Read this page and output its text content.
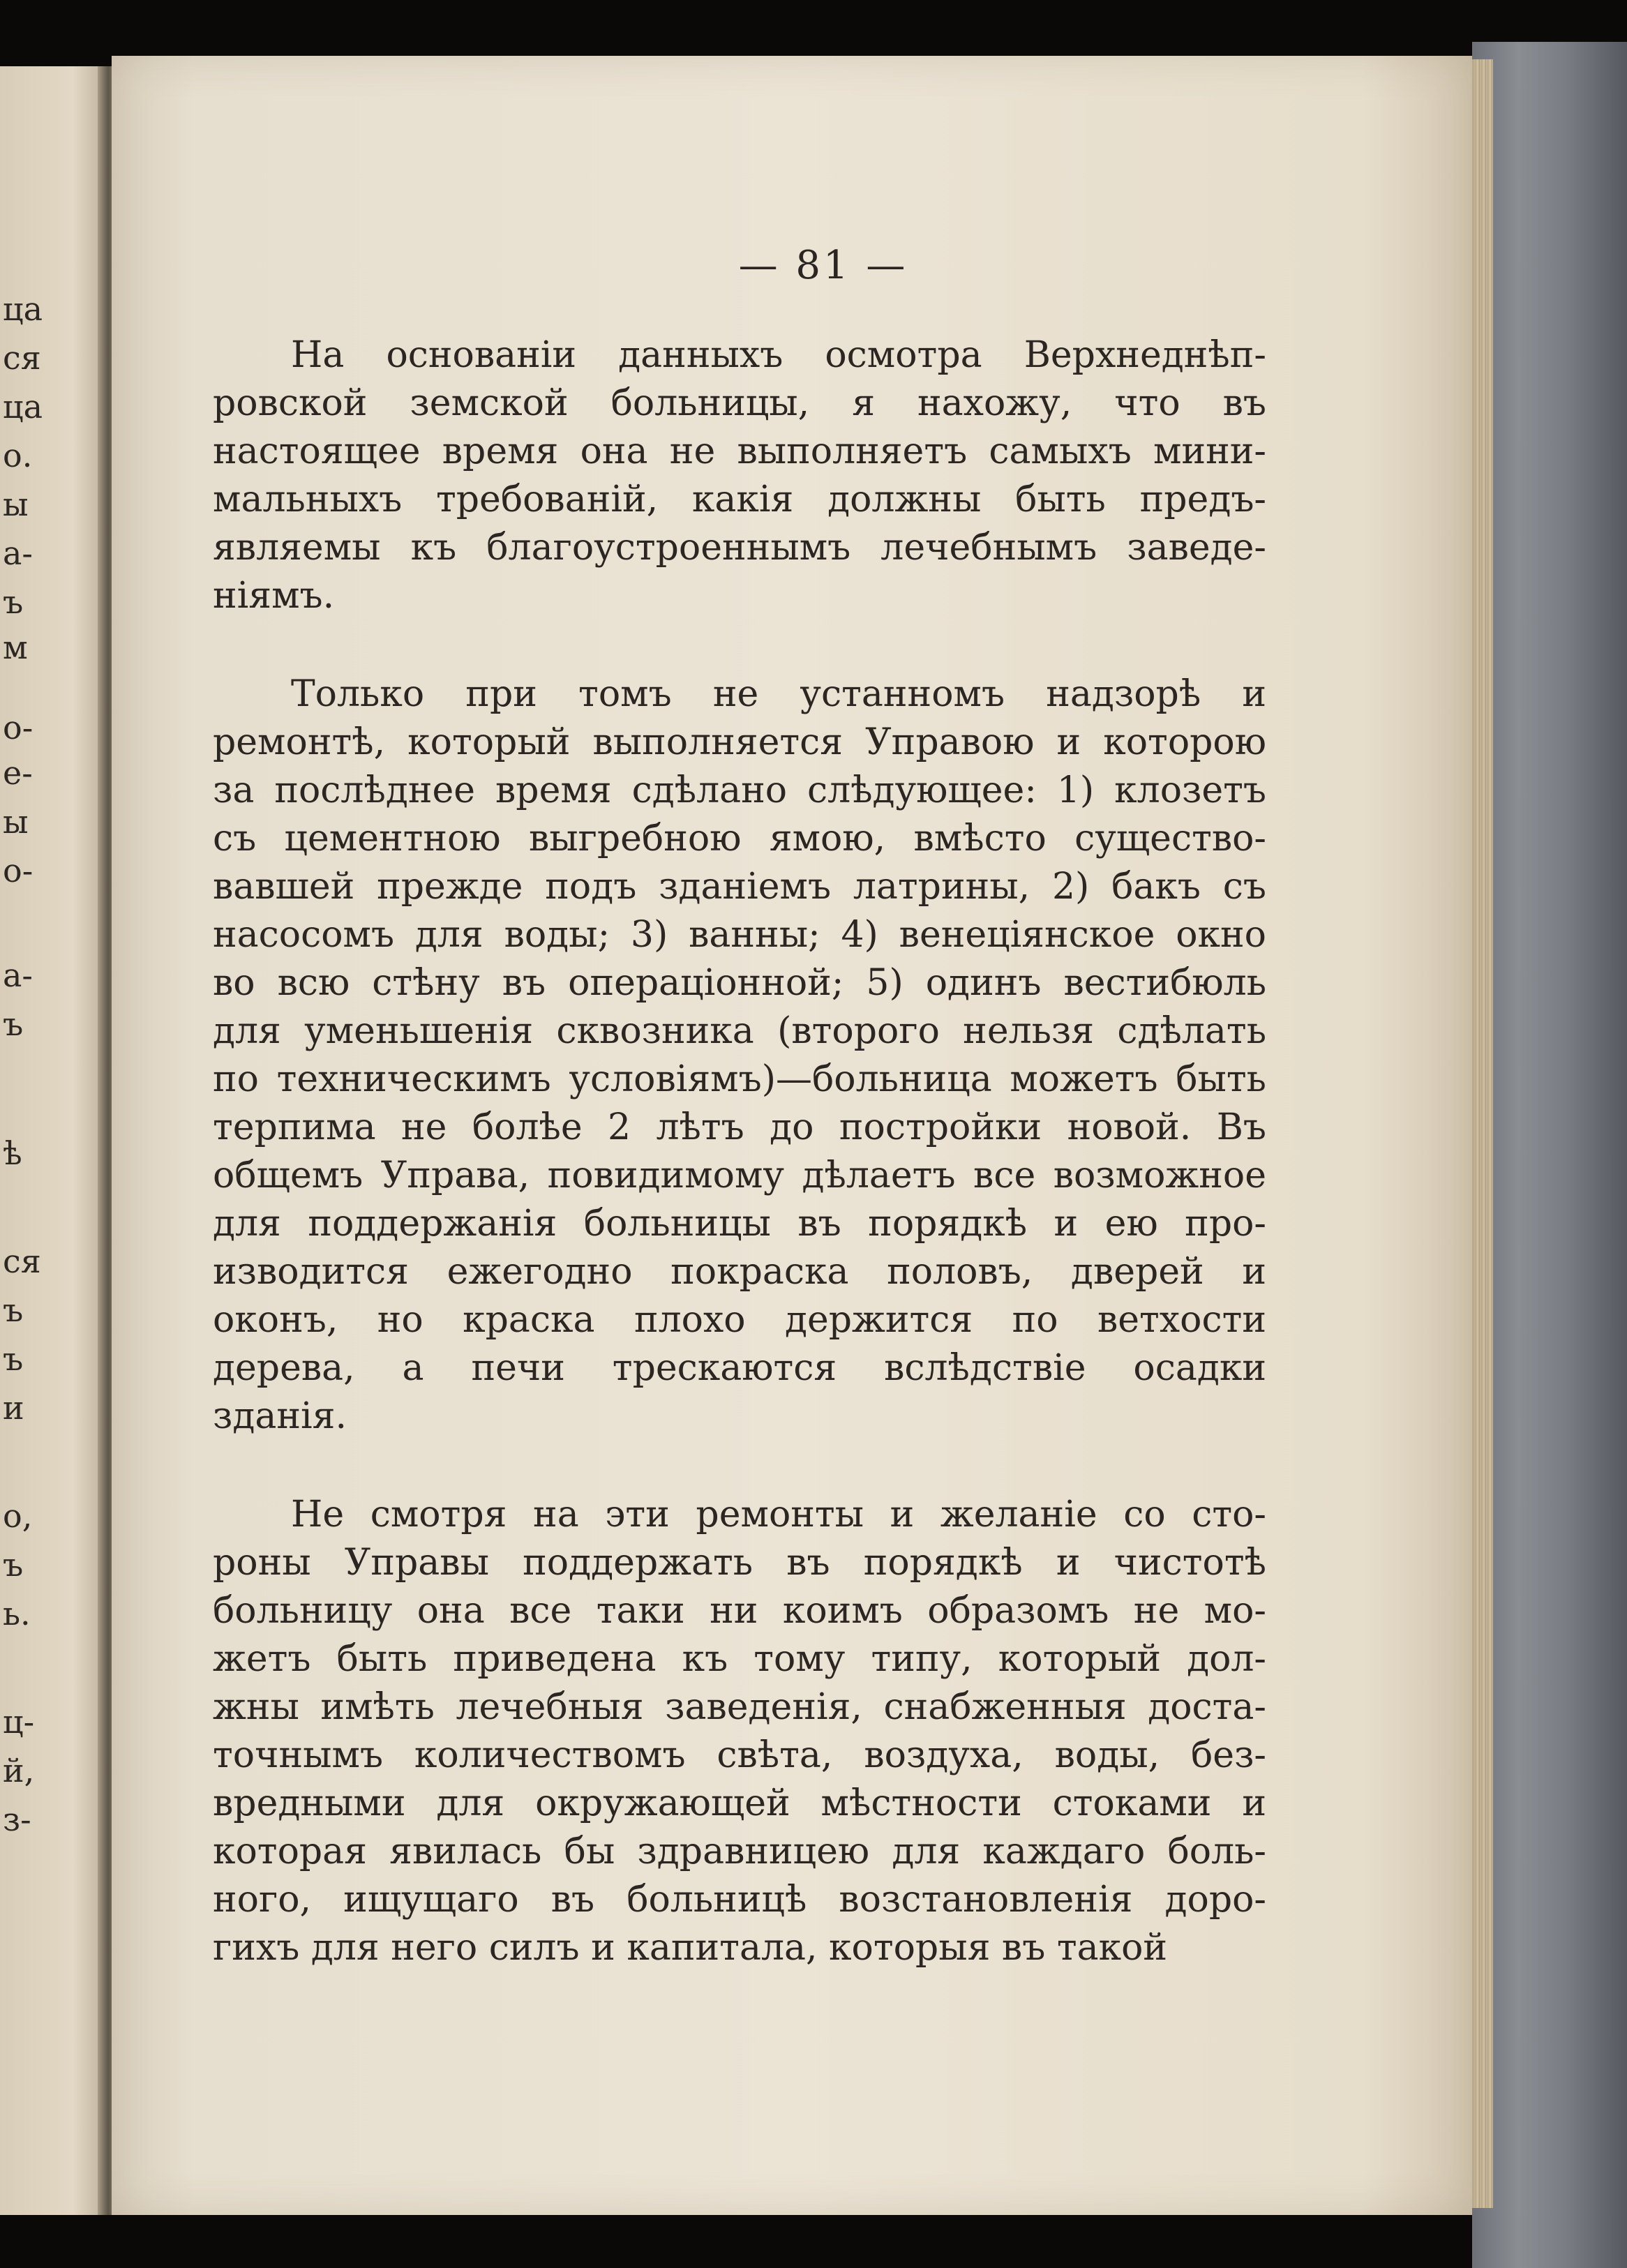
ца
ся
ца
о.
ы
а-
ъ
м
о-
е-
ы
о-
а-
ъ
ѣ
ся
ъ
ъ
и
о,
ъ
ь.
ц-
й,
з-
— 81 —
На основаніи данныхъ осмотра Верхнеднѣп-
ровской земской больницы, я нахожу, что въ
настоящее время она не выполняетъ самыхъ мини-
мальныхъ требованій, какія должны быть предъ-
являемы къ благоустроеннымъ лечебнымъ заведе-
ніямъ.
Только при томъ не устанномъ надзорѣ и
ремонтѣ, который выполняется Управою и которою
за послѣднее время сдѣлано слѣдующее: 1) клозетъ
съ цементною выгребною ямою, вмѣсто существо-
вавшей прежде подъ зданіемъ латрины, 2) бакъ съ
насосомъ для воды; 3) ванны; 4) венеціянское окно
во всю стѣну въ операціонной; 5) одинъ вестибюль
для уменьшенія сквозника (второго нельзя сдѣлать
по техническимъ условіямъ)—больница можетъ быть
терпима не болѣе 2 лѣтъ до постройки новой. Въ
общемъ Управа, повидимому дѣлаетъ все возможное
для поддержанія больницы въ порядкѣ и ею про-
изводится ежегодно покраска половъ, дверей и
оконъ, но краска плохо держится по ветхости
дерева, а печи трескаются вслѣдствіе осадки
зданія.
Не смотря на эти ремонты и желаніе со сто-
роны Управы поддержать въ порядкѣ и чистотѣ
больницу она все таки ни коимъ образомъ не мо-
жетъ быть приведена къ тому типу, который дол-
жны имѣть лечебныя заведенія, снабженныя доста-
точнымъ количествомъ свѣта, воздуха, воды, без-
вредными для окружающей мѣстности стоками и
которая явилась бы здравницею для каждаго боль-
ного, ищущаго въ больницѣ возстановленія доро-
гихъ для него силъ и капитала, которыя въ такой
